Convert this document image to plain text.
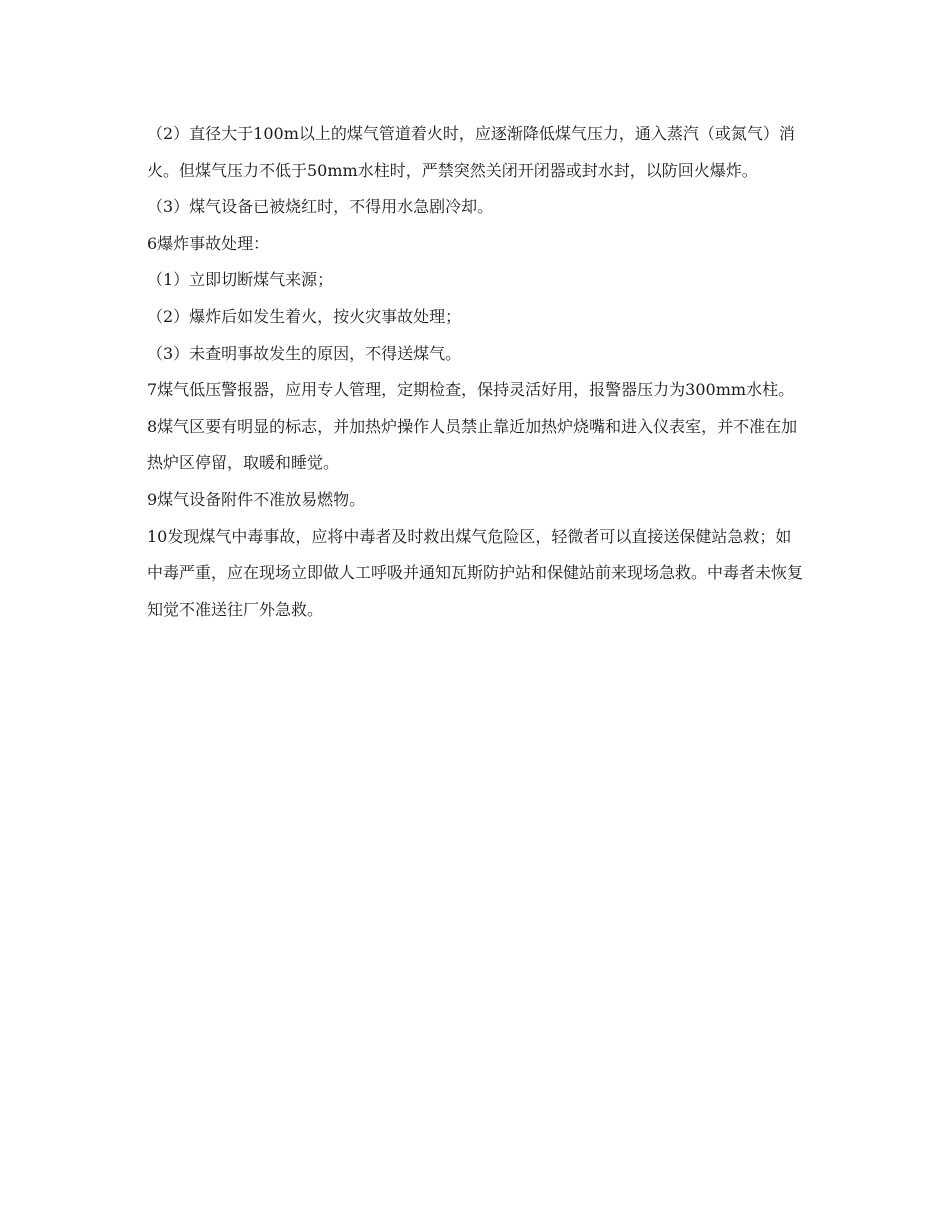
（2）直径大于100m以上的煤气管道着火时，应逐渐降低煤气压力，通入蒸汽（或氮气）消火。但煤气压力不低于50mm水柱时，严禁突然关闭开闭器或封水封，以防回火爆炸。

（3）煤气设备已被烧红时，不得用水急剧冷却。

6爆炸事故处理：

（1）立即切断煤气来源；

（2）爆炸后如发生着火，按火灾事故处理；

（3）未查明事故发生的原因，不得送煤气。

7煤气低压警报器，应用专人管理，定期检查，保持灵活好用，报警器压力为300mm水柱。

8煤气区要有明显的标志，并加热炉操作人员禁止靠近加热炉烧嘴和进入仪表室，并不准在加热炉区停留，取暖和睡觉。

9煤气设备附件不准放易燃物。

10发现煤气中毒事故，应将中毒者及时救出煤气危险区，轻微者可以直接送保健站急救；如中毒严重，应在现场立即做人工呼吸并通知瓦斯防护站和保健站前来现场急救。中毒者未恢复知觉不准送往厂外急救。
